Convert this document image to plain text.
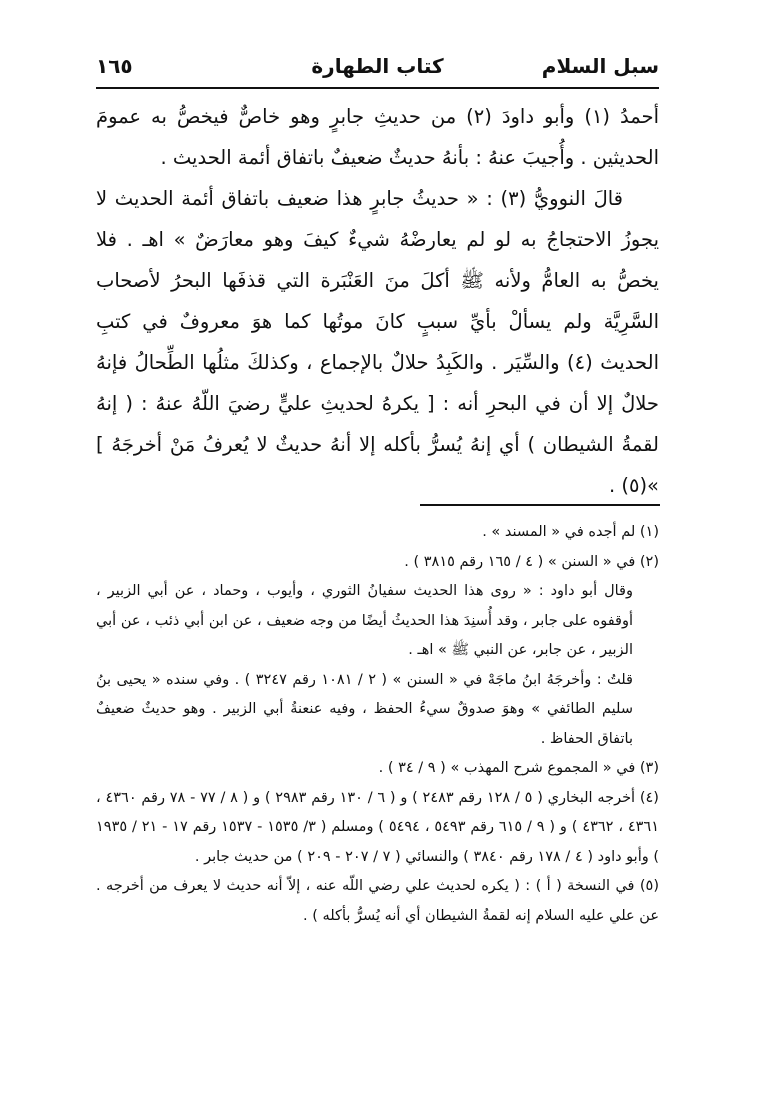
سبل السلام
كتاب الطهارة
١٦٥

أحمدُ (١) وأبو داودَ (٢) من حديثِ جابرٍ وهو خاصٌّ فيخصُّ به عمومَ الحديثين . وأُجيبَ عنهُ : بأنهُ حديثٌ ضعيفٌ باتفاق أئمة الحديث .

قالَ النوويُّ (٣) : « حديثُ جابرٍ هذا ضعيف باتفاق أئمة الحديث لا يجوزُ الاحتجاجُ به لو لم يعارضْهُ شيءٌ كيفَ وهو معارَضٌ » اهـ . فلا يخصُّ به العامُّ ولأنه ﷺ أكلَ منَ العَنْبَرة التي قذفَها البحرُ لأصحاب السَّرِيَّة ولم يسألْ بأيِّ سببٍ كانَ موتُها كما هوَ معروفٌ في كتبِ الحديث (٤) والسِّيَر . والكَبِدُ حلالٌ بالإجماع ، وكذلكَ مثلُها الطِّحالُ فإنهُ حلالٌ إلا أن في البحرِ أنه : [ يكرهُ لحديثِ عليٍّ رضيَ اللّهُ عنهُ : ( إنهُ لقمةُ الشيطان ) أي إنهُ يُسرُّ بأكله إلا أنهُ حديثٌ لا يُعرفُ مَنْ أخرجَهُ ] »(٥) .

(١) لم أجده في « المسند » .

(٢) في « السنن » ( ٤ / ١٦٥ رقم ٣٨١٥ ) .

وقال أبو داود : « روى هذا الحديث سفيانُ الثوري ، وأيوب ، وحماد ، عن أبي الزبير ، أوقفوه على جابر ، وقد أُسنِدَ هذا الحديثُ أيضًا من وجه ضعيف ، عن ابن أبي ذئب ، عن أبي الزبير ، عن جابر، عن النبي ﷺ » اهـ .

قلتُ : وأخرجَهُ ابنُ ماجَهْ في « السنن » ( ٢ / ١٠٨١ رقم ٣٢٤٧ ) . وفي سنده « يحيى بنُ سليم الطائفي » وهوَ صدوقٌ سيءُ الحفظ ، وفيه عنعنةُ أبي الزبير . وهو حديثٌ ضعيفٌ باتفاق الحفاظ .

(٣) في « المجموع شرح المهذب » ( ٩ / ٣٤ ) .

(٤) أخرجه البخاري ( ٥ / ١٢٨ رقم ٢٤٨٣ ) و ( ٦ / ١٣٠ رقم ٢٩٨٣ ) و ( ٨ / ٧٧ - ٧٨ رقم ٤٣٦٠ ، ٤٣٦١ ، ٤٣٦٢ ) و ( ٩ / ٦١٥ رقم ٥٤٩٣ ، ٥٤٩٤ ) ومسلم ( ٣/ ١٥٣٥ - ١٥٣٧ رقم ١٧ - ٢١ / ١٩٣٥ ) وأبو داود ( ٤ / ١٧٨ رقم ٣٨٤٠ ) والنسائي ( ٧ / ٢٠٧ - ٢٠٩ ) من حديث جابر .

(٥) في النسخة ( أ ) : ( يكره لحديث علي رضي اللّه عنه ، إلاّ أنه حديث لا يعرف من أخرجه . عن علي عليه السلام إنه لقمةُ الشيطان أي أنه يُسرُّ بأكله ) .
